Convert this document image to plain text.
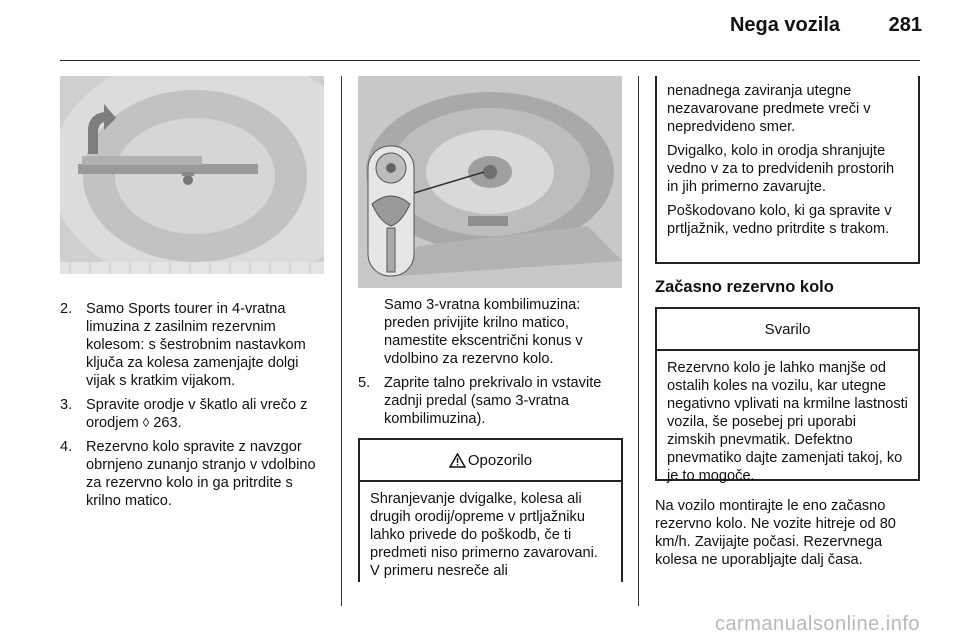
Nega vozila 281
2. Samo Sports tourer in 4-vratna limuzina z zasilnim rezervnim kolesom: s šestrobnim nastavkom ključa za kolesa zamenjajte dolgi vijak s kratkim vijakom.
3. Spravite orodje v škatlo ali vrečo z orodjem ◊ 263.
4. Rezervno kolo spravite z navzgor obrnjeno zunanjo stranjo v vdolbino za rezervno kolo in ga pritrdite s krilno matico.

Samo 3-vratna kombilimuzina: preden privijite krilno matico, namestite ekscentrični konus v vdolbino za rezervno kolo.

5. Zaprite talno prekrivalo in vstavite zadnji predal (samo 3-vratna kombilimuzina).
Opozorilo
Shranjevanje dvigalke, kolesa ali drugih orodij/opreme v prtljažniku lahko privede do poškodb, če ti predmeti niso primerno zavarovani. V primeru nesreče ali

nenadnega zaviranja utegne nezavarovane predmete vreči v nepredvideno smer.

Dvigalko, kolo in orodja shranjujte vedno v za to predvidenih prostorih in jih primerno zavarujte.

Poškodovano kolo, ki ga spravite v prtljažnik, vedno pritrdite s trakom.

Začasno rezervno kolo
Svarilo
Rezervno kolo je lahko manjše od ostalih koles na vozilu, kar utegne negativno vplivati na krmilne lastnosti vozila, še posebej pri uporabi zimskih pnevmatik. Defektno pnevmatiko dajte zamenjati takoj, ko je to mogoče.

Na vozilo montirajte le eno začasno rezervno kolo. Ne vozite hitreje od 80 km/h. Zavijajte počasi. Rezervnega kolesa ne uporabljajte dalj časa.

carmanualsonline.info
